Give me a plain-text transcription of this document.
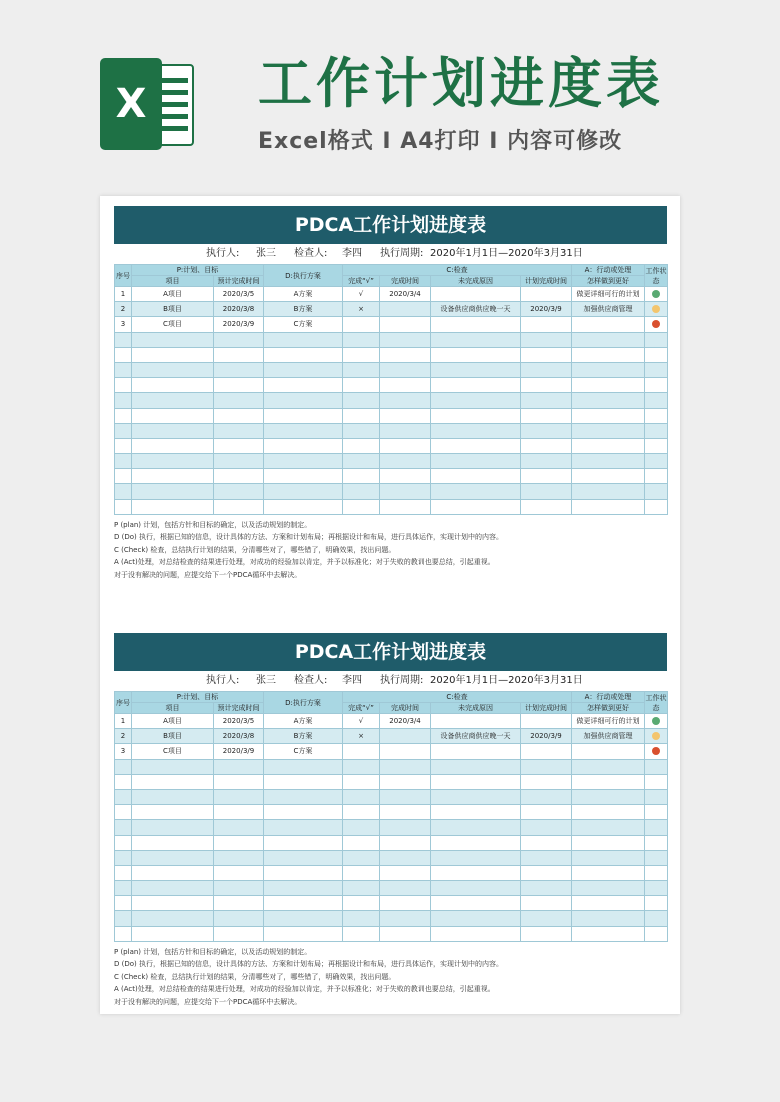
X 工作计划进度表
Excel格式 I A4打印 I 内容可修改
PDCA工作计划进度表
执行人: 张三 检查人: 李四 执行周期: 2020年1月1日—2020年3月31日
序号	P:计划、目标		D:执行方案	C:检查				A：行动或处理	工作状态
	项目	预计完成时间		完成“√”	完成时间	未完成原因	计划完成时间	怎样做到更好	
1	A项目	2020/3/5	A方案	√	2020/3/4			做更详细可行的计划	
2	B项目	2020/3/8	B方案	×		设备供应商供应晚一天	2020/3/9	加强供应商管理	
3	C项目	2020/3/9	C方案						

P (plan) 计划，包括方针和目标的确定，以及活动规划的制定。

D (Do) 执行，根据已知的信息，设计具体的方法、方案和计划布局；再根据设计和布局，进行具体运作，实现计划中的内容。

C (Check) 检查，总结执行计划的结果，分清哪些对了，哪些错了，明确效果，找出问题。

A (Act)处理，对总结检查的结果进行处理，对成功的经验加以肯定，并予以标准化；对于失败的教训也要总结，引起重视。

对于没有解决的问题，应提交给下一个PDCA循环中去解决。

PDCA工作计划进度表
执行人: 张三 检查人: 李四 执行周期: 2020年1月1日—2020年3月31日
序号	P:计划、目标		D:执行方案	C:检查				A：行动或处理	工作状态
	项目	预计完成时间		完成“√”	完成时间	未完成原因	计划完成时间	怎样做到更好	
1	A项目	2020/3/5	A方案	√	2020/3/4			做更详细可行的计划	
2	B项目	2020/3/8	B方案	×		设备供应商供应晚一天	2020/3/9	加强供应商管理	
3	C项目	2020/3/9	C方案						

P (plan) 计划，包括方针和目标的确定，以及活动规划的制定。

D (Do) 执行，根据已知的信息，设计具体的方法、方案和计划布局；再根据设计和布局，进行具体运作，实现计划中的内容。

C (Check) 检查，总结执行计划的结果，分清哪些对了，哪些错了，明确效果，找出问题。

A (Act)处理，对总结检查的结果进行处理，对成功的经验加以肯定，并予以标准化；对于失败的教训也要总结，引起重视。

对于没有解决的问题，应提交给下一个PDCA循环中去解决。
